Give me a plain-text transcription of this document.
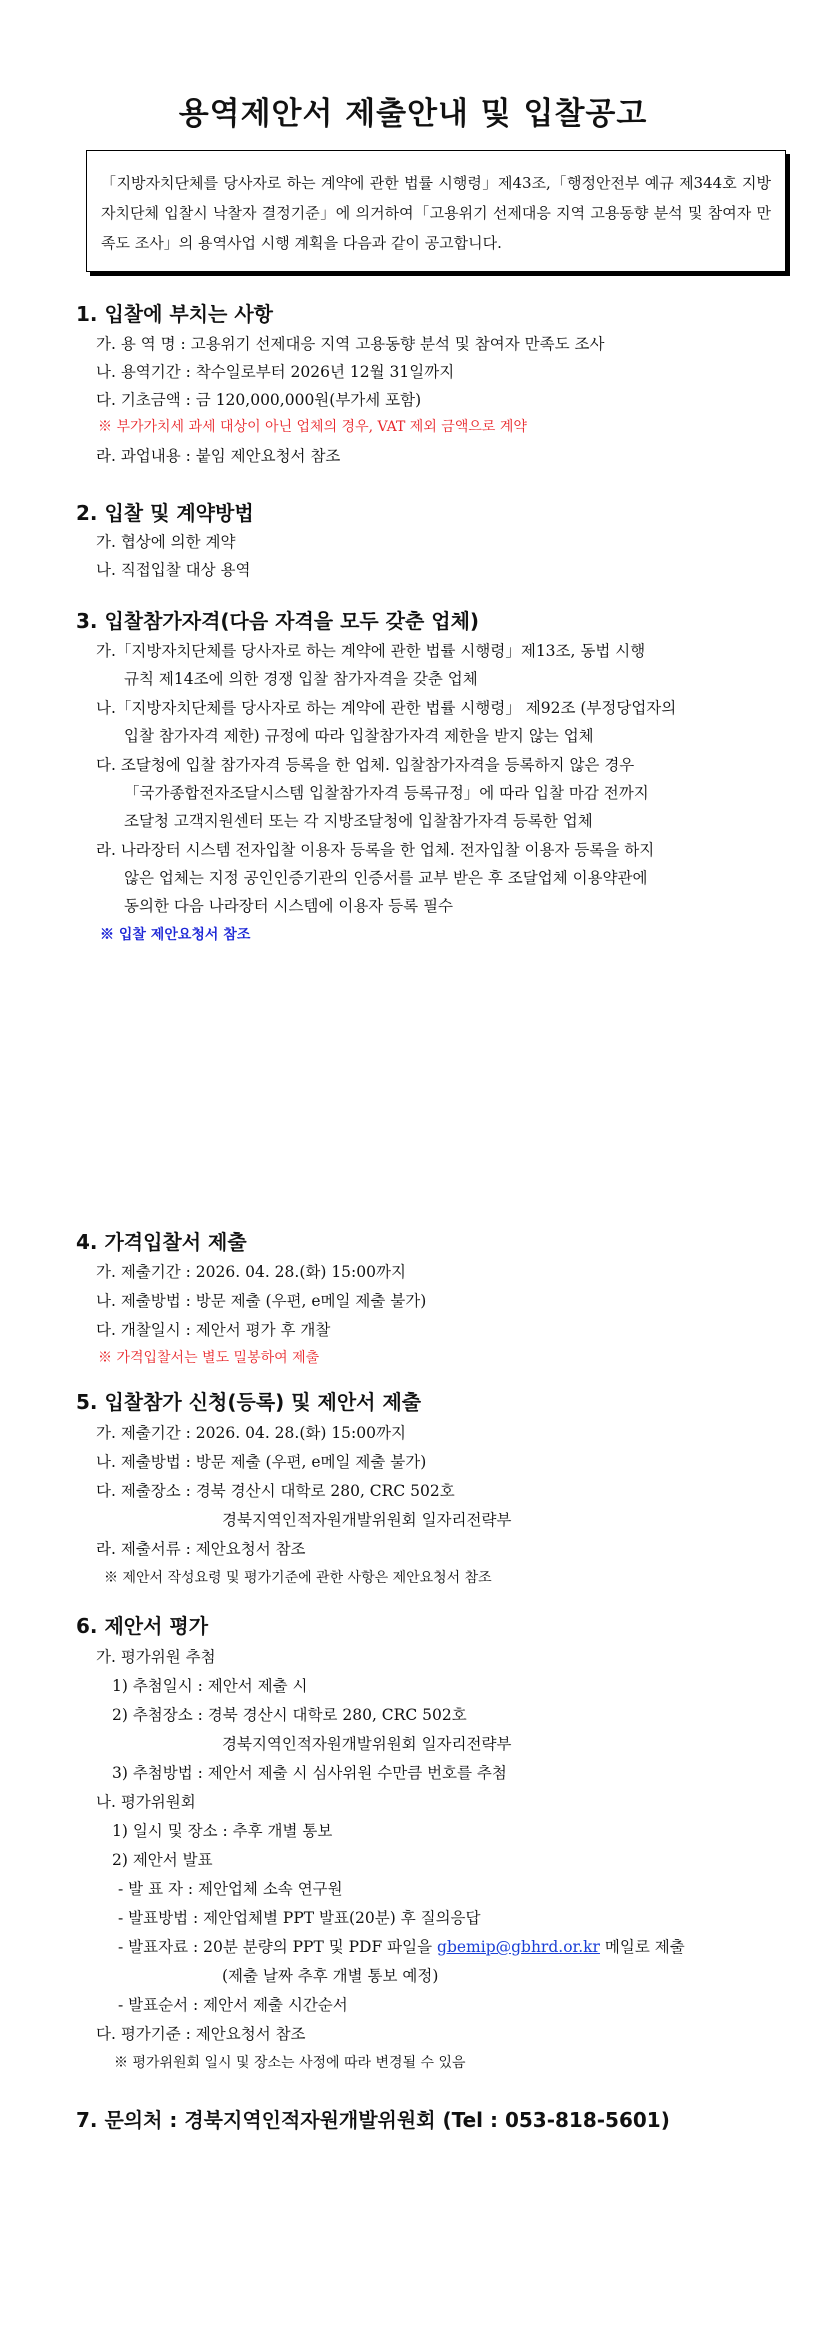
용역제안서 제출안내 및 입찰공고
「지방자치단체를 당사자로 하는 계약에 관한 법률 시행령」제43조,「행정안전부 예규 제344호 지방자치단체 입찰시 낙찰자 결정기준」에 의거하여「고용위기 선제대응 지역 고용동향 분석 및 참여자 만족도 조사」의 용역사업 시행 계획을 다음과 같이 공고합니다.
1. 입찰에 부치는 사항
가. 용 역 명 : 고용위기 선제대응 지역 고용동향 분석 및 참여자 만족도 조사
나. 용역기간 : 착수일로부터 2026년 12월 31일까지
다. 기초금액 : 금 120,000,000원(부가세 포함)
※ 부가가치세 과세 대상이 아닌 업체의 경우, VAT 제외 금액으로 계약
라. 과업내용 : 붙임 제안요청서 참조
2. 입찰 및 계약방법
가. 협상에 의한 계약
나. 직접입찰 대상 용역
3. 입찰참가자격(다음 자격을 모두 갖춘 업체)
가.「지방자치단체를 당사자로 하는 계약에 관한 법률 시행령」제13조, 동법 시행
규칙 제14조에 의한 경쟁 입찰 참가자격을 갖춘 업체
나.「지방자치단체를 당사자로 하는 계약에 관한 법률 시행령」 제92조 (부정당업자의
입찰 참가자격 제한) 규정에 따라 입찰참가자격 제한을 받지 않는 업체
다. 조달청에 입찰 참가자격 등록을 한 업체. 입찰참가자격을 등록하지 않은 경우
「국가종합전자조달시스템 입찰참가자격 등록규정」에 따라 입찰 마감 전까지
조달청 고객지원센터 또는 각 지방조달청에 입찰참가자격 등록한 업체
라. 나라장터 시스템 전자입찰 이용자 등록을 한 업체. 전자입찰 이용자 등록을 하지
않은 업체는 지정 공인인증기관의 인증서를 교부 받은 후 조달업체 이용약관에
동의한 다음 나라장터 시스템에 이용자 등록 필수
※ 입찰 제안요청서 참조
4. 가격입찰서 제출
가. 제출기간 : 2026. 04. 28.(화) 15:00까지
나. 제출방법 : 방문 제출 (우편, e메일 제출 불가)
다. 개찰일시 : 제안서 평가 후 개찰
※ 가격입찰서는 별도 밀봉하여 제출
5. 입찰참가 신청(등록) 및 제안서 제출
가. 제출기간 : 2026. 04. 28.(화) 15:00까지
나. 제출방법 : 방문 제출 (우편, e메일 제출 불가)
다. 제출장소 : 경북 경산시 대학로 280, CRC 502호
경북지역인적자원개발위원회 일자리전략부
라. 제출서류 : 제안요청서 참조
※ 제안서 작성요령 및 평가기준에 관한 사항은 제안요청서 참조
6. 제안서 평가
가. 평가위원 추첨
1) 추첨일시 : 제안서 제출 시
2) 추첨장소 : 경북 경산시 대학로 280, CRC 502호
경북지역인적자원개발위원회 일자리전략부
3) 추첨방법 : 제안서 제출 시 심사위원 수만큼 번호를 추첨
나. 평가위원회
1) 일시 및 장소 : 추후 개별 통보
2) 제안서 발표
- 발 표 자 : 제안업체 소속 연구원
- 발표방법 : 제안업체별 PPT 발표(20분) 후 질의응답
- 발표자료 : 20분 분량의 PPT 및 PDF 파일을 gbemip@gbhrd.or.kr 메일로 제출
(제출 날짜 추후 개별 통보 예정)
- 발표순서 : 제안서 제출 시간순서
다. 평가기준 : 제안요청서 참조
※ 평가위원회 일시 및 장소는 사정에 따라 변경될 수 있음
7. 문의처 : 경북지역인적자원개발위원회 (Tel : 053-818-5601)
